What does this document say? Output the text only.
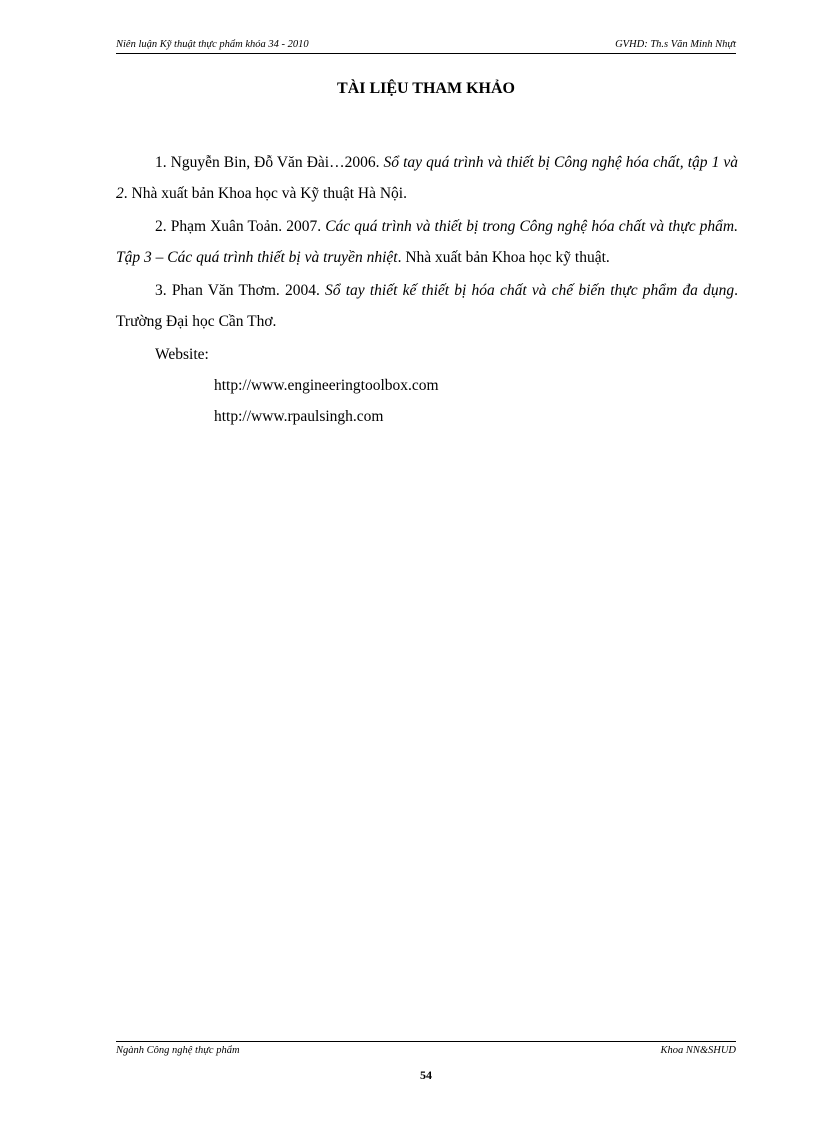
Niên luận Kỹ thuật thực phẩm khóa 34 - 2010	GVHD: Th.s Văn Minh Nhựt
TÀI LIỆU THAM KHẢO

1. Nguyễn Bin, Đỗ Văn Đài…2006. Sổ tay quá trình và thiết bị Công nghệ hóa chất, tập 1 và 2. Nhà xuất bản Khoa học và Kỹ thuật Hà Nội.

2. Phạm Xuân Toản. 2007. Các quá trình và thiết bị trong Công nghệ hóa chất và thực phẩm. Tập 3 – Các quá trình thiết bị và truyền nhiệt. Nhà xuất bản Khoa học kỹ thuật.

3. Phan Văn Thơm. 2004. Sổ tay thiết kế thiết bị hóa chất và chế biến thực phẩm đa dụng. Trường Đại học Cần Thơ.

Website:

http://www.engineeringtoolbox.com

http://www.rpaulsingh.com

Ngành Công nghệ thực phẩm	Khoa NN&SHUD
54
